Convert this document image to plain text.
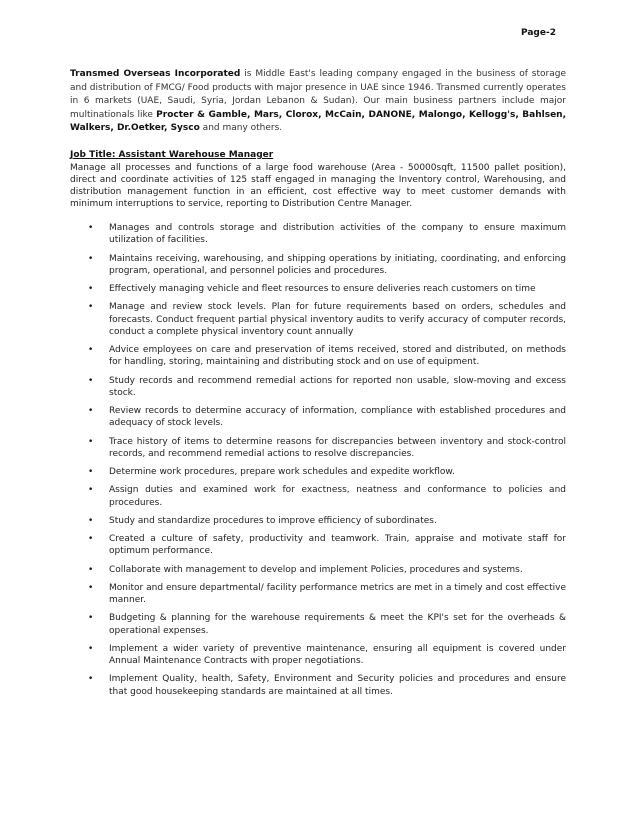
Page-2

Transmed Overseas Incorporated is Middle East's leading company engaged in the business of storage and distribution of FMCG/ Food products with major presence in UAE since 1946. Transmed currently operates in 6 markets (UAE, Saudi, Syria, Jordan Lebanon & Sudan). Our main business partners include major multinationals like Procter & Gamble, Mars, Clorox, McCain, DANONE, Malongo, Kellogg's, Bahlsen, Walkers, Dr.Oetker, Sysco and many others.

Job Title: Assistant Warehouse Manager

Manage all processes and functions of a large food warehouse (Area - 50000sqft, 11500 pallet position), direct and coordinate activities of 125 staff engaged in managing the Inventory control, Warehousing, and distribution management function in an efficient, cost effective way to meet customer demands with minimum interruptions to service, reporting to Distribution Centre Manager.

• Manages and controls storage and distribution activities of the company to ensure maximum utilization of facilities.
• Maintains receiving, warehousing, and shipping operations by initiating, coordinating, and enforcing program, operational, and personnel policies and procedures.
• Effectively managing vehicle and fleet resources to ensure deliveries reach customers on time
• Manage and review stock levels. Plan for future requirements based on orders, schedules and forecasts. Conduct frequent partial physical inventory audits to verify accuracy of computer records, conduct a complete physical inventory count annually
• Advice employees on care and preservation of items received, stored and distributed, on methods for handling, storing, maintaining and distributing stock and on use of equipment.
• Study records and recommend remedial actions for reported non usable, slow-moving and excess stock.
• Review records to determine accuracy of information, compliance with established procedures and adequacy of stock levels.
• Trace history of items to determine reasons for discrepancies between inventory and stock-control records, and recommend remedial actions to resolve discrepancies.
• Determine work procedures, prepare work schedules and expedite workflow.
• Assign duties and examined work for exactness, neatness and conformance to policies and procedures.
• Study and standardize procedures to improve efficiency of subordinates.
• Created a culture of safety, productivity and teamwork. Train, appraise and motivate staff for optimum performance.
• Collaborate with management to develop and implement Policies, procedures and systems.
• Monitor and ensure departmental/ facility performance metrics are met in a timely and cost effective manner.
• Budgeting & planning for the warehouse requirements & meet the KPI's set for the overheads & operational expenses.
• Implement a wider variety of preventive maintenance, ensuring all equipment is covered under Annual Maintenance Contracts with proper negotiations.
• Implement Quality, health, Safety, Environment and Security policies and procedures and ensure that good housekeeping standards are maintained at all times.
